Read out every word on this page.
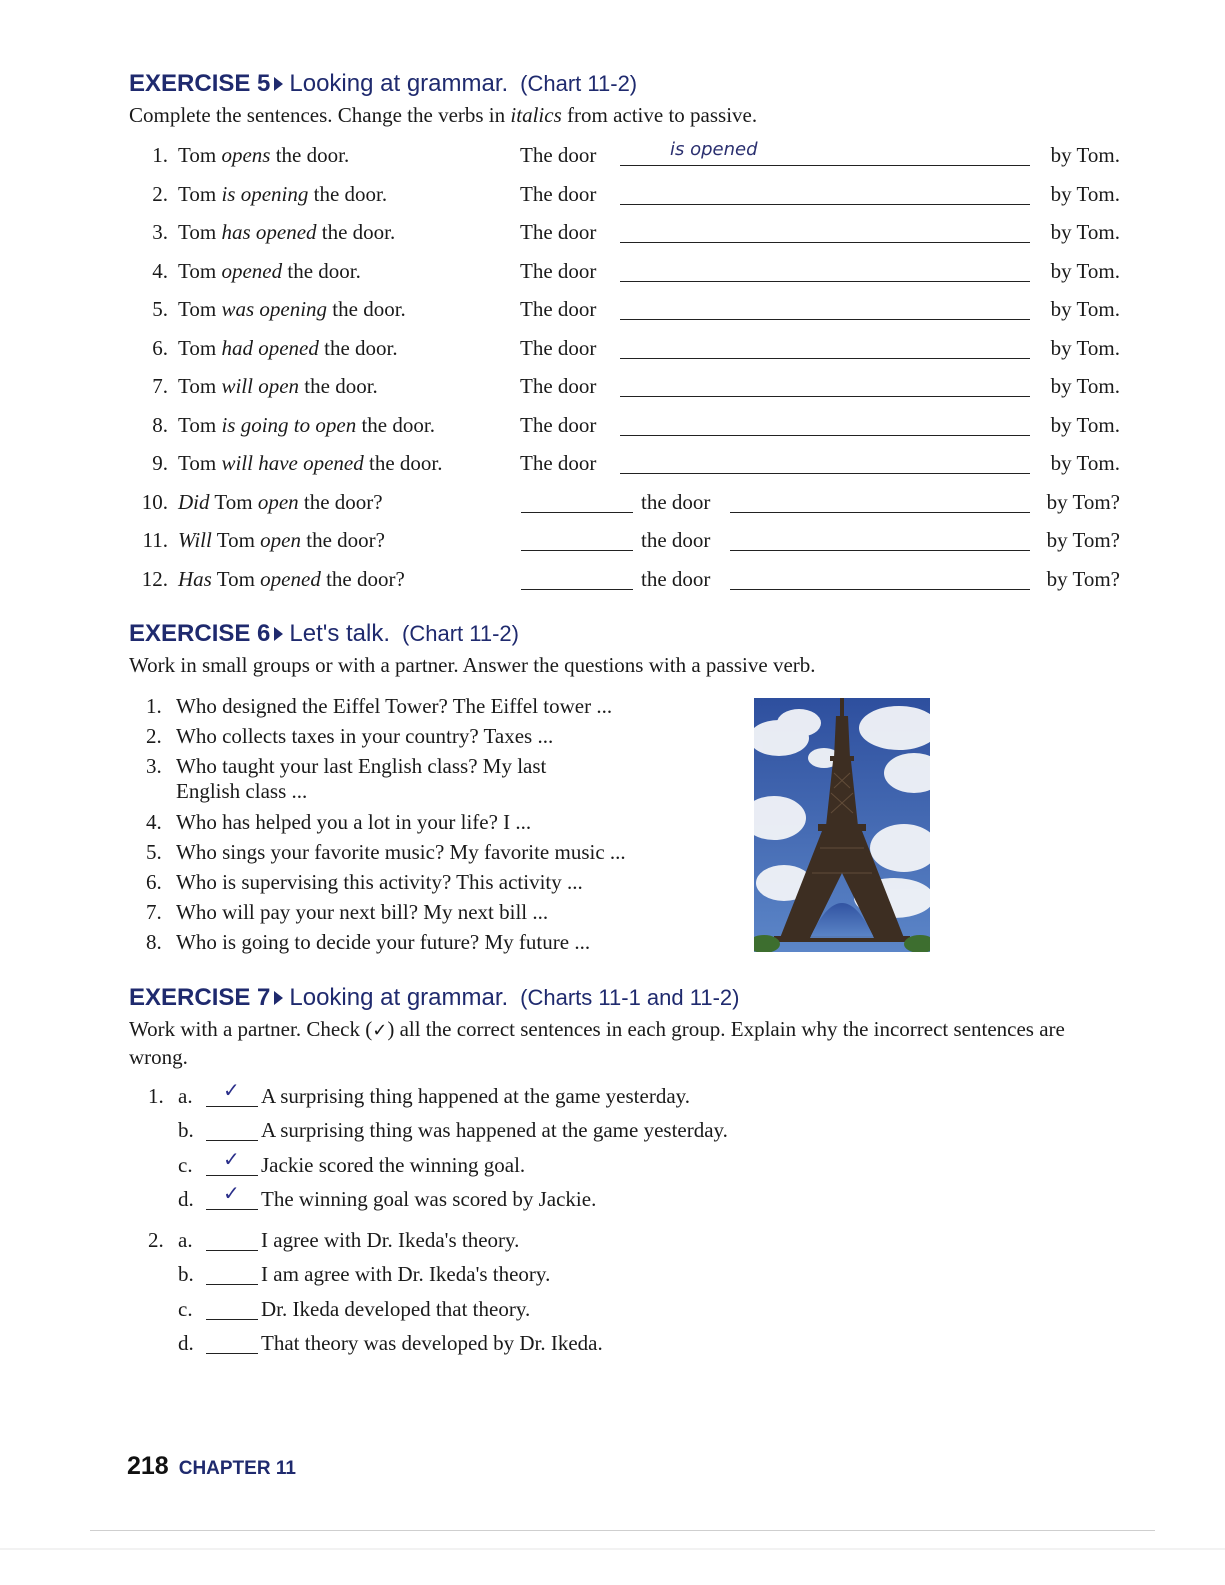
EXERCISE 5 Looking at grammar. (Chart 11-2)
Complete the sentences. Change the verbs in italics from active to passive.
1. Tom opens the door.	The door	is opened	by Tom.
2. Tom is opening the door.	The door	by Tom.
3. Tom has opened the door.	The door	by Tom.
4. Tom opened the door.	The door	by Tom.
5. Tom was opening the door.	The door	by Tom.
6. Tom had opened the door.	The door	by Tom.
7. Tom will open the door.	The door	by Tom.
8. Tom is going to open the door.	The door	by Tom.
9. Tom will have opened the door.	The door	by Tom.
10. Did Tom open the door?	the door	by Tom?
11. Will Tom open the door?	the door	by Tom?
12. Has Tom opened the door?	the door	by Tom?
EXERCISE 6 Let's talk. (Chart 11-2)
Work in small groups or with a partner. Answer the questions with a passive verb.
1. Who designed the Eiffel Tower? The Eiffel tower ...
2. Who collects taxes in your country? Taxes ...
3. Who taught your last English class? My last
English class ...
4. Who has helped you a lot in your life? I ...
5. Who sings your favorite music? My favorite music ...
6. Who is supervising this activity? This activity ...
7. Who will pay your next bill? My next bill ...
8. Who is going to decide your future? My future ...
EXERCISE 7 Looking at grammar. (Charts 11-1 and 11-2)
Work with a partner. Check (✓) all the correct sentences in each group. Explain why the incorrect sentences are wrong.
1. a. ✓ A surprising thing happened at the game yesterday.
b.	A surprising thing was happened at the game yesterday.
c. ✓ Jackie scored the winning goal.
d. ✓ The winning goal was scored by Jackie.
2. a.	I agree with Dr. Ikeda's theory.
b.	I am agree with Dr. Ikeda's theory.
c.	Dr. Ikeda developed that theory.
d.	That theory was developed by Dr. Ikeda.
218 CHAPTER 11
